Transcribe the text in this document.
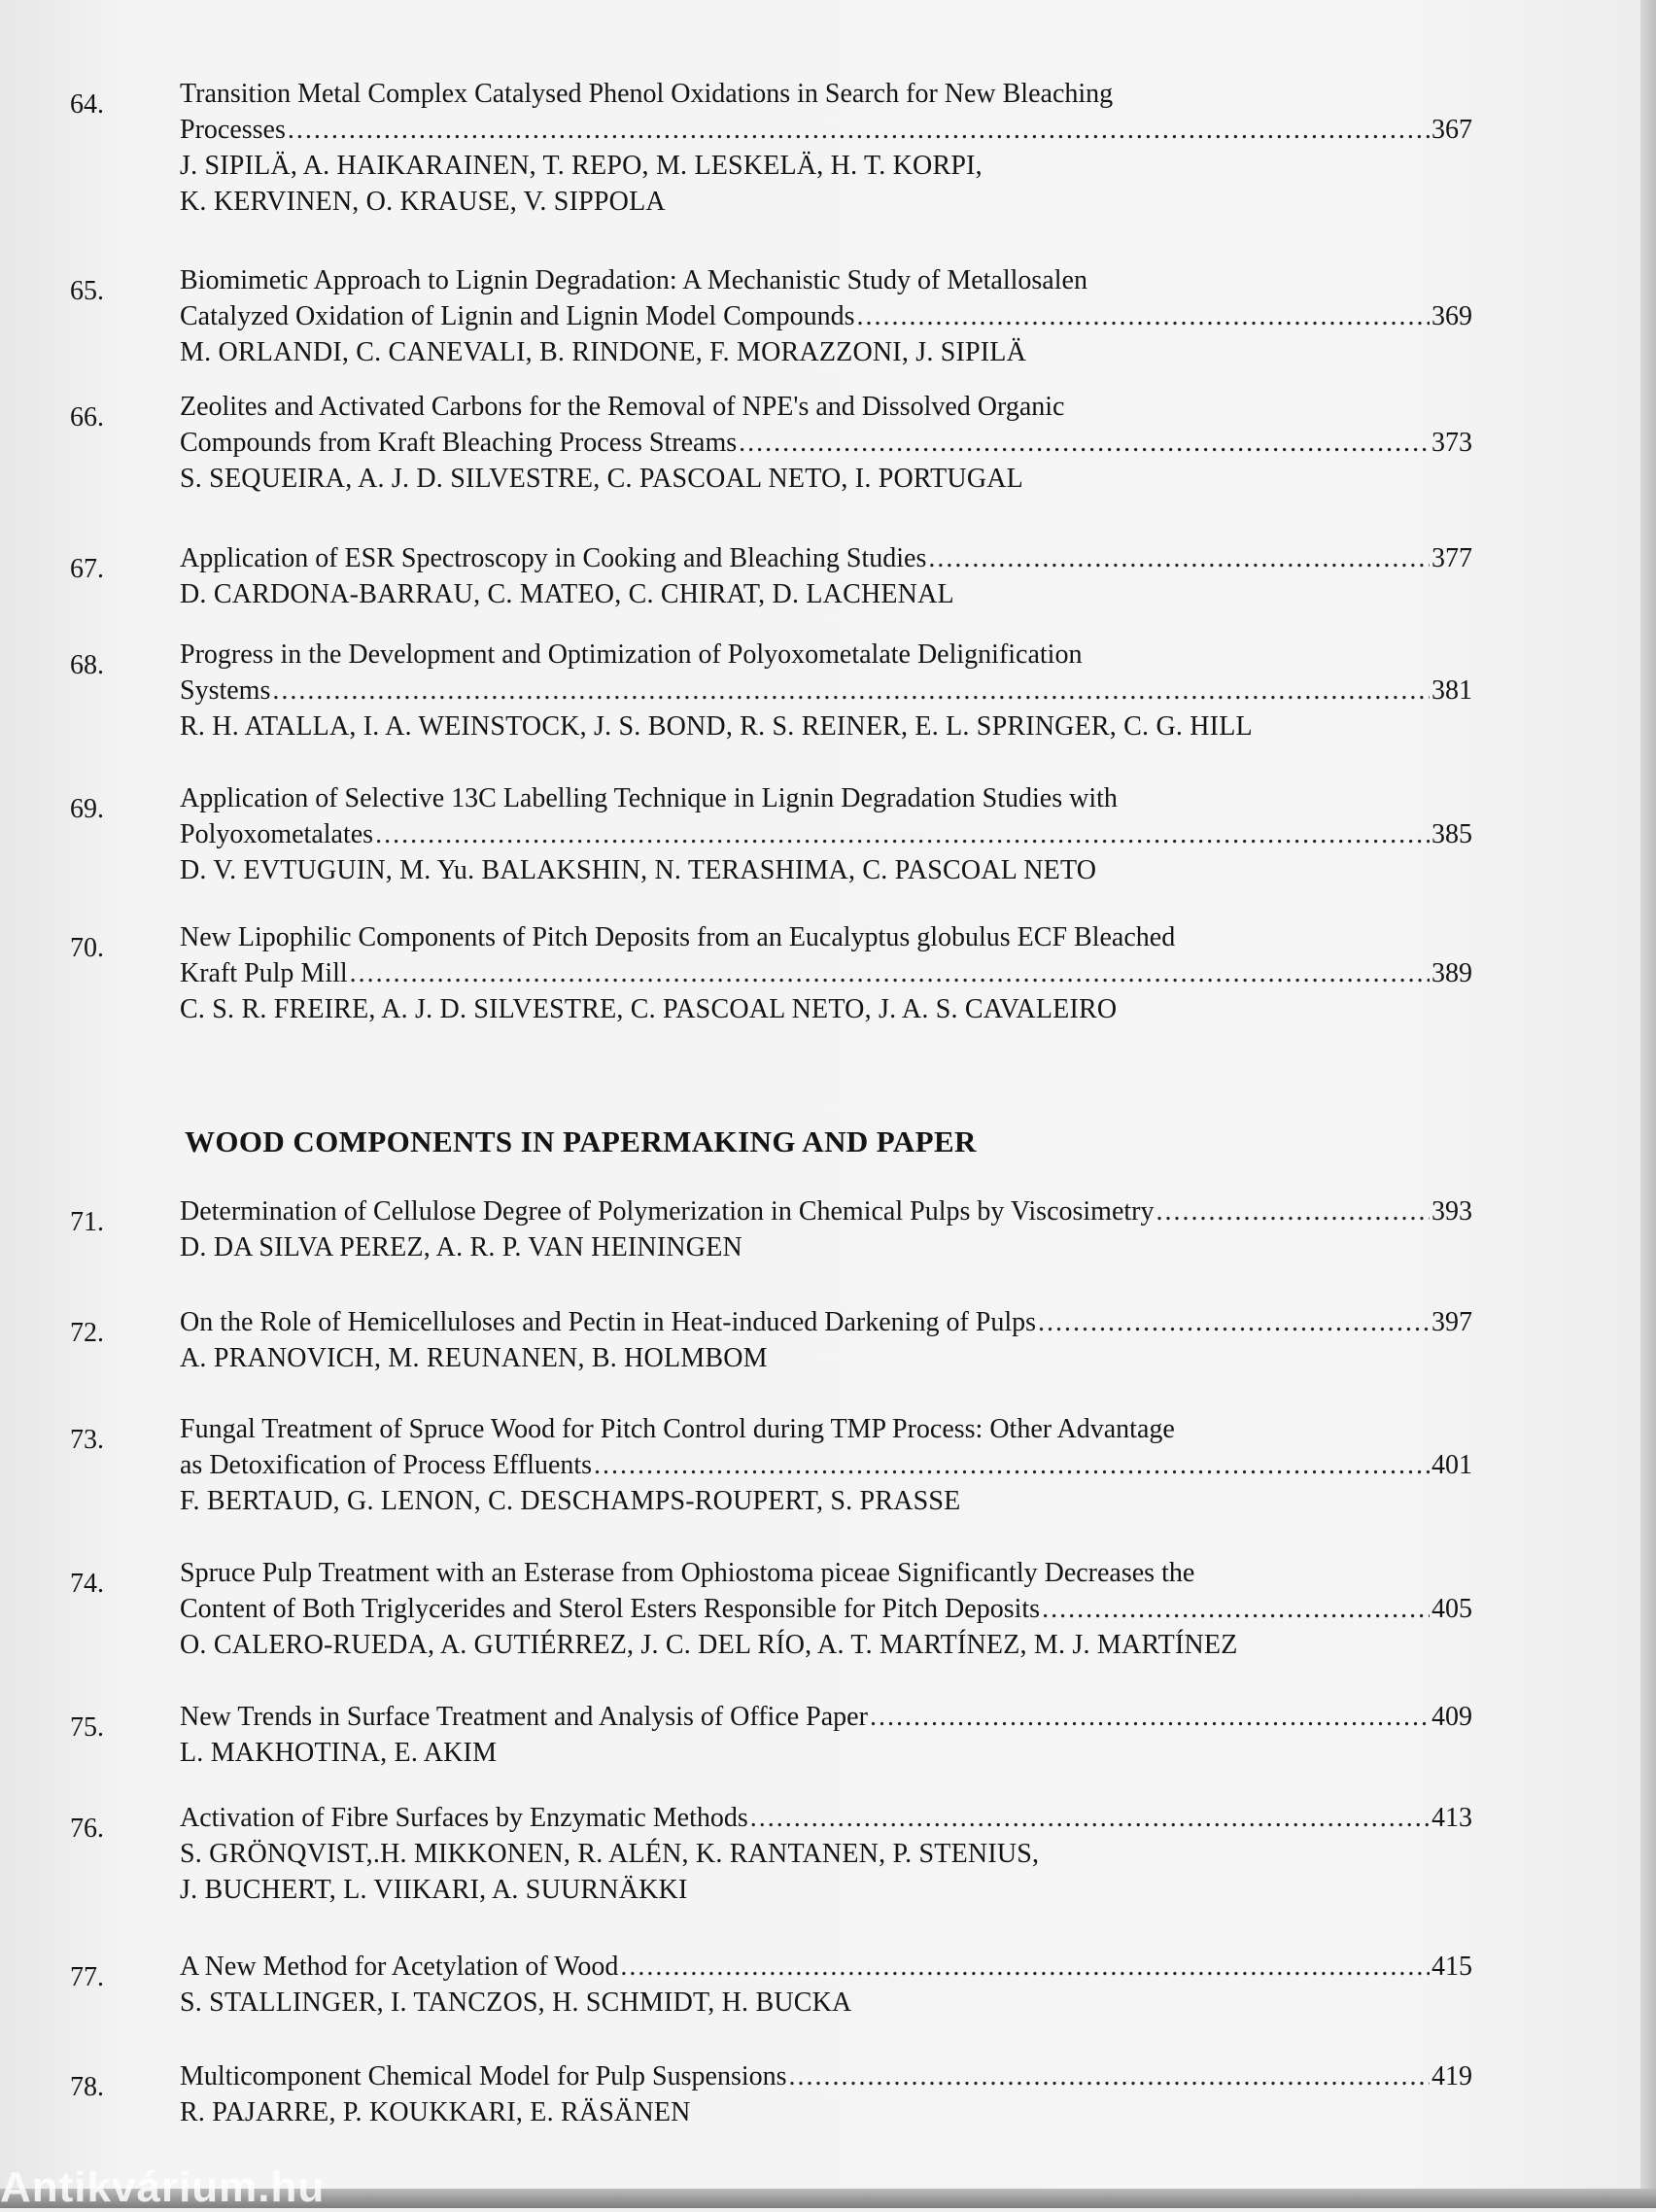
WOOD COMPONENTS IN PAPERMAKING AND PAPER
64.	Transition Metal Complex Catalysed Phenol Oxidations in Search for New Bleaching
Processes .....	367
J. SIPILÄ, A. HAIKARAINEN, T. REPO, M. LESKELÄ, H. T. KORPI,
K. KERVINEN, O. KRAUSE, V. SIPPOLA
65.	Biomimetic Approach to Lignin Degradation: A Mechanistic Study of Metallosalen
Catalyzed Oxidation of Lignin and Lignin Model Compounds .....	369
M. ORLANDI, C. CANEVALI, B. RINDONE, F. MORAZZONI, J. SIPILÄ
66.	Zeolites and Activated Carbons for the Removal of NPE's and Dissolved Organic
Compounds from Kraft Bleaching Process Streams .....	373
S. SEQUEIRA, A. J. D. SILVESTRE, C. PASCOAL NETO, I. PORTUGAL
67.	Application of ESR Spectroscopy in Cooking and Bleaching Studies .....	377
D. CARDONA-BARRAU, C. MATEO, C. CHIRAT, D. LACHENAL
68.	Progress in the Development and Optimization of Polyoxometalate Delignification
Systems .....	381
R. H. ATALLA, I. A. WEINSTOCK, J. S. BOND, R. S. REINER, E. L. SPRINGER, C. G. HILL
69.	Application of Selective 13C Labelling Technique in Lignin Degradation Studies with
Polyoxometalates .....	385
D. V. EVTUGUIN, M. Yu. BALAKSHIN, N. TERASHIMA, C. PASCOAL NETO
70.	New Lipophilic Components of Pitch Deposits from an Eucalyptus globulus ECF Bleached
Kraft Pulp Mill .....	389
C. S. R. FREIRE, A. J. D. SILVESTRE, C. PASCOAL NETO, J. A. S. CAVALEIRO
71.	Determination of Cellulose Degree of Polymerization in Chemical Pulps by Viscosimetry .....	393
D. DA SILVA PEREZ, A. R. P. VAN HEININGEN
72.	On the Role of Hemicelluloses and Pectin in Heat-induced Darkening of Pulps .....	397
A. PRANOVICH, M. REUNANEN, B. HOLMBOM
73.	Fungal Treatment of Spruce Wood for Pitch Control during TMP Process: Other Advantage
as Detoxification of Process Effluents .....	401
F. BERTAUD, G. LENON, C. DESCHAMPS-ROUPERT, S. PRASSE
74.	Spruce Pulp Treatment with an Esterase from Ophiostoma piceae Significantly Decreases the
Content of Both Triglycerides and Sterol Esters Responsible for Pitch Deposits .....	405
O. CALERO-RUEDA, A. GUTIÉRREZ, J. C. DEL RÍO, A. T. MARTÍNEZ, M. J. MARTÍNEZ
75.	New Trends in Surface Treatment and Analysis of Office Paper .....	409
L. MAKHOTINA, E. AKIM
76.	Activation of Fibre Surfaces by Enzymatic Methods .....	413
S. GRÖNQVIST,.H. MIKKONEN, R. ALÉN, K. RANTANEN, P. STENIUS,
J. BUCHERT, L. VIIKARI, A. SUURNÄKKI
77.	A New Method for Acetylation of Wood .....	415
S. STALLINGER, I. TANCZOS, H. SCHMIDT, H. BUCKA
78.	Multicomponent Chemical Model for Pulp Suspensions .....	419
R. PAJARRE, P. KOUKKARI, E. RÄSÄNEN
Antikvárium.hu
